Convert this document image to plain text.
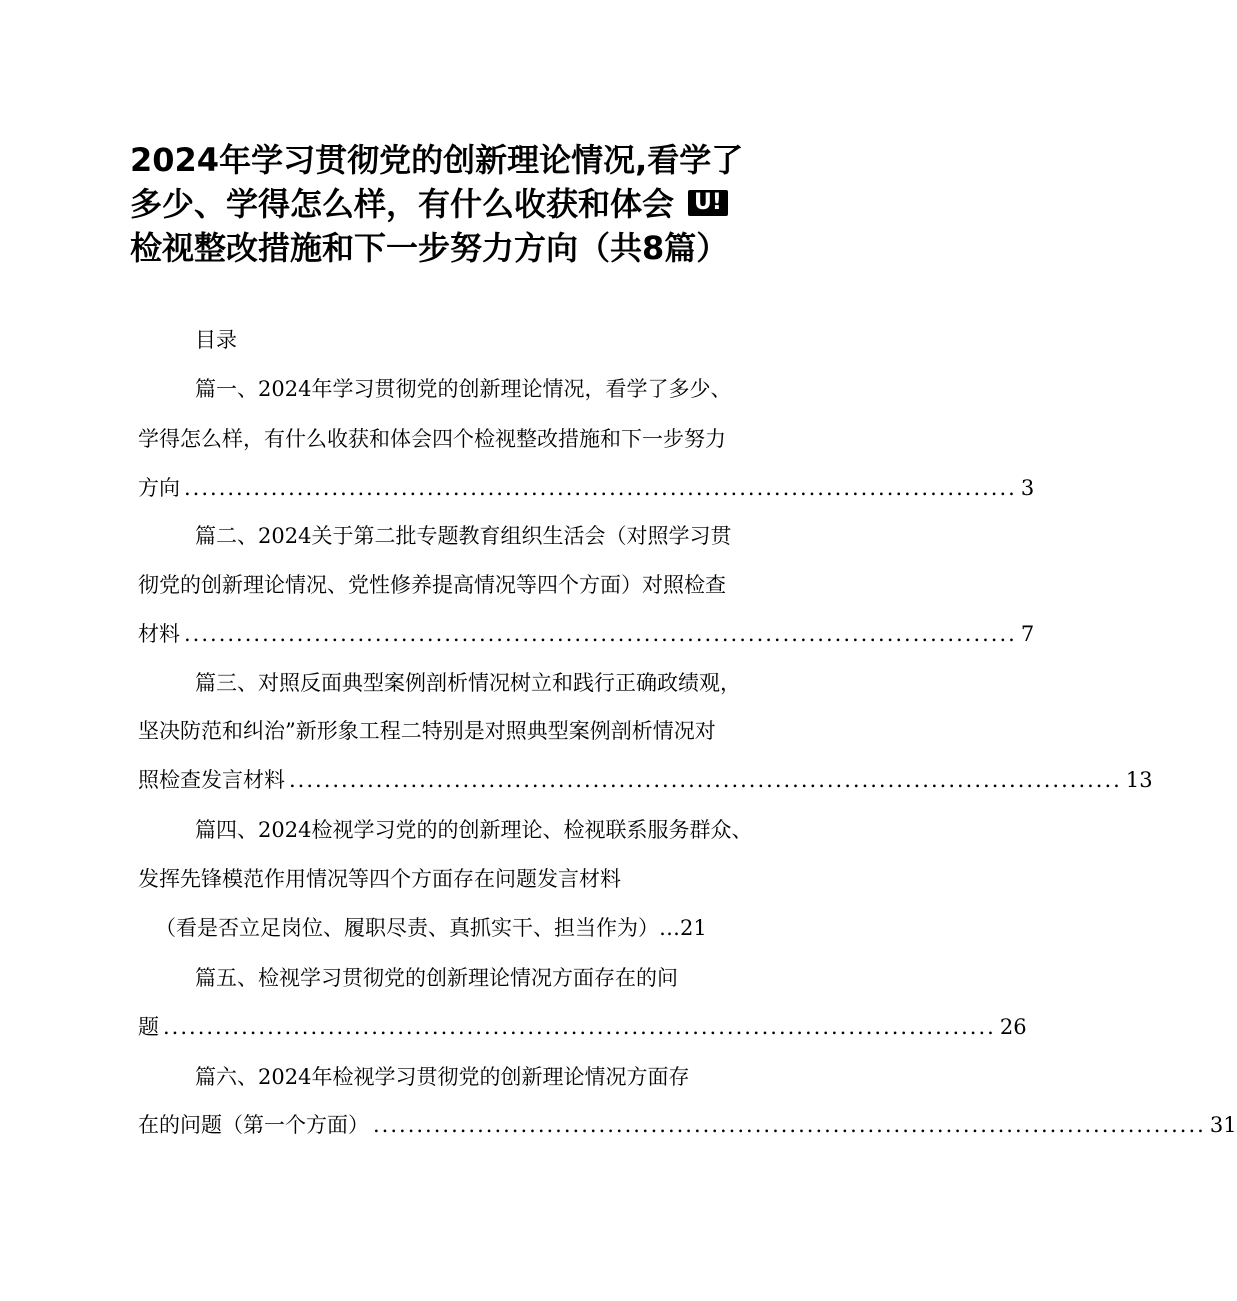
2024年学习贯彻党的创新理论情况,看学了
多少、学得怎么样，有什么收获和体会 U!
检视整改措施和下一步努力方向（共8篇）
目录
篇一、2024年学习贯彻党的创新理论情况，看学了多少、
学得怎么样，有什么收获和体会四个检视整改措施和下一步努力
方向 ................................................................................................ 3
篇二、2024关于第二批专题教育组织生活会（对照学习贯
彻党的创新理论情况、党性修养提高情况等四个方面）对照检查
材料 ................................................................................................ 7
篇三、对照反面典型案例剖析情况树立和践行正确政绩观，
坚决防范和纠治”新形象工程二特别是对照典型案例剖析情况对
照检查发言材料 ................................................................................................ 13
篇四、2024检视学习党的的创新理论、检视联系服务群众、
发挥先锋模范作用情况等四个方面存在问题发言材料
（看是否立足岗位、履职尽责、真抓实干、担当作为）… 21
篇五、检视学习贯彻党的创新理论情况方面存在的问
题 ................................................................................................ 26
篇六、2024年检视学习贯彻党的创新理论情况方面存
在的问题（第一个方面） ................................................................................................ 31
